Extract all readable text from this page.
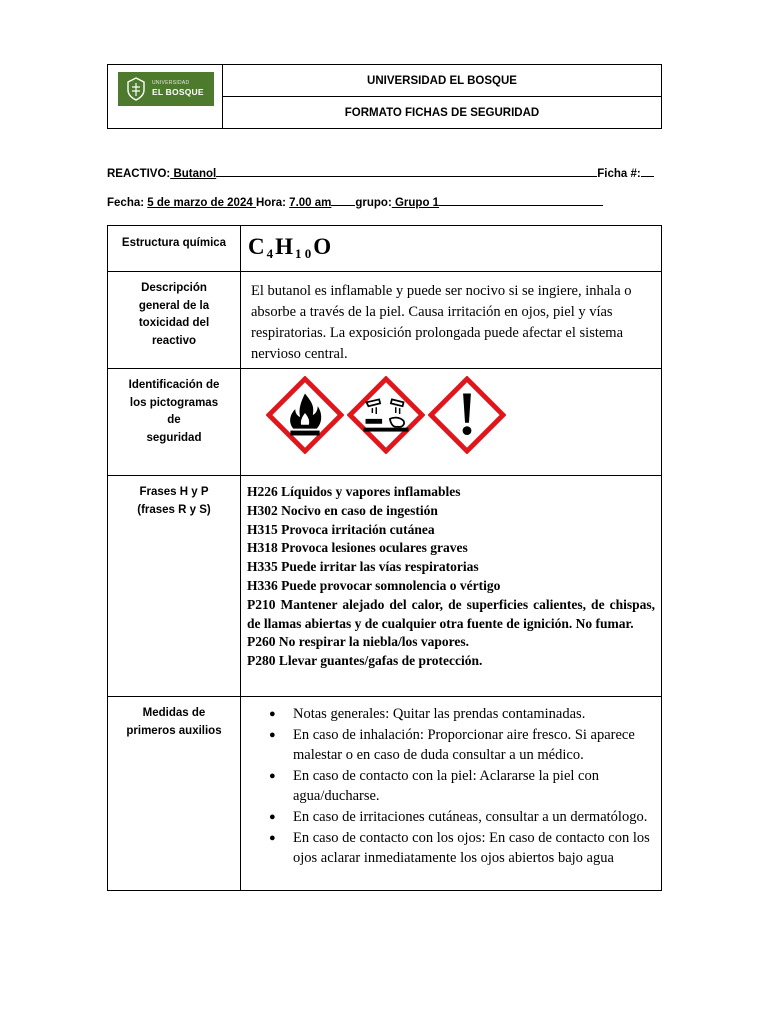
UNIVERSIDAD
EL BOSQUE
UNIVERSIDAD EL BOSQUE
FORMATO FICHAS DE SEGURIDAD
REACTIVO: Butanol	Ficha #:
Fecha: 5 de marzo de 2024 Hora: 7.00 am grupo: Grupo 1
Estructura química C $_4$H $_{1 0}$O
Descripción
general de la
toxicidad del
reactivo
El butanol es inflamable y puede ser nocivo si se ingiere, inhala o absorbe a través de la piel. Causa irritación en ojos, piel y vías respiratorias. La exposición prolongada puede afectar el sistema nervioso central.
Identificación de
los pictogramas
de
seguridad
Frases H y P
(frases R y S)
H226 Líquidos y vapores inflamables
H302 Nocivo en caso de ingestión
H315 Provoca irritación cutánea
H318 Provoca lesiones oculares graves
H335 Puede irritar las vías respiratorias
H336 Puede provocar somnolencia o vértigo
P210 Mantener alejado del calor, de superficies calientes, de chispas, de llamas abiertas y de cualquier otra fuente de ignición. No fumar.
P260 No respirar la niebla/los vapores.
P280 Llevar guantes/gafas de protección.
Medidas de
primeros auxilios
● Notas generales: Quitar las prendas contaminadas.
● En caso de inhalación: Proporcionar aire fresco. Si aparece malestar o en caso de duda consultar a un médico.
● En caso de contacto con la piel: Aclararse la piel con agua/ducharse.
● En caso de irritaciones cutáneas, consultar a un dermatólogo.
● En caso de contacto con los ojos: En caso de contacto con los ojos aclarar inmediatamente los ojos abiertos bajo agua
